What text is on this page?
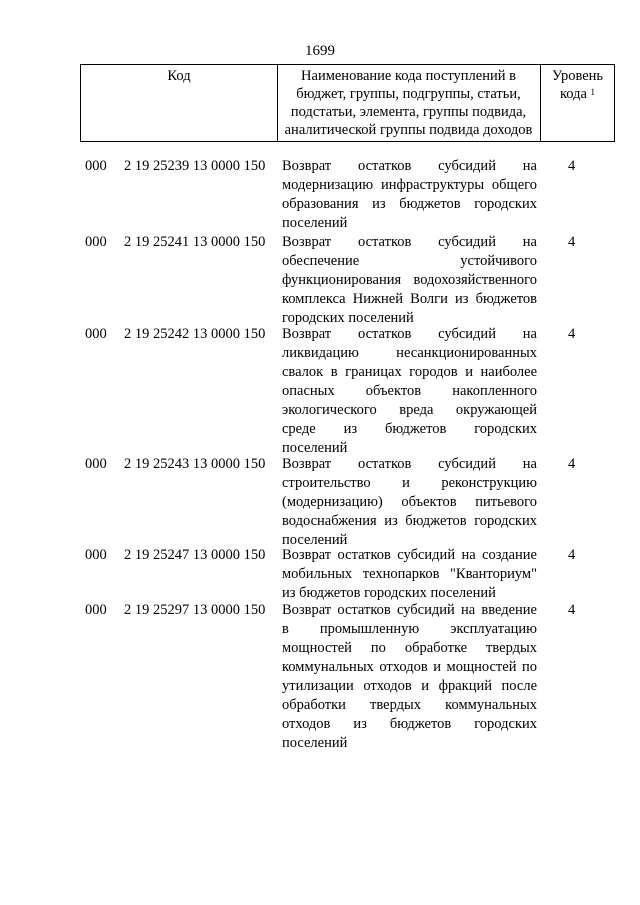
1699
Код	Наименование кода поступлений в
бюджет, группы, подгруппы, статьи,
подстатьи, элемента, группы подвида,
аналитической группы подвида доходов
Уровень
кода $^1$
000 2 19 25239 13 0000 150 Возврат остатков субсидий на
модернизацию инфраструктуры общего
образования из бюджетов городских
поселений
4
000 2 19 25241 13 0000 150 Возврат остатков субсидий на
обеспечение устойчивого
функционирования водохозяйственного
комплекса Нижней Волги из бюджетов
городских поселений
4
000 2 19 25242 13 0000 150 Возврат остатков субсидий на
ликвидацию несанкционированных
свалок в границах городов и наиболее
опасных объектов накопленного
экологического вреда окружающей
среде из бюджетов городских
поселений
4
000 2 19 25243 13 0000 150 Возврат остатков субсидий на
строительство и реконструкцию
(модернизацию) объектов питьевого
водоснабжения из бюджетов городских
поселений
4
000 2 19 25247 13 0000 150 Возврат остатков субсидий на создание
мобильных технопарков "Кванториум"
из бюджетов городских поселений
4
000 2 19 25297 13 0000 150 Возврат остатков субсидий на введение
в промышленную эксплуатацию
мощностей по обработке твердых
коммунальных отходов и мощностей по
утилизации отходов и фракций после
обработки твердых коммунальных
отходов из бюджетов городских
поселений
4
